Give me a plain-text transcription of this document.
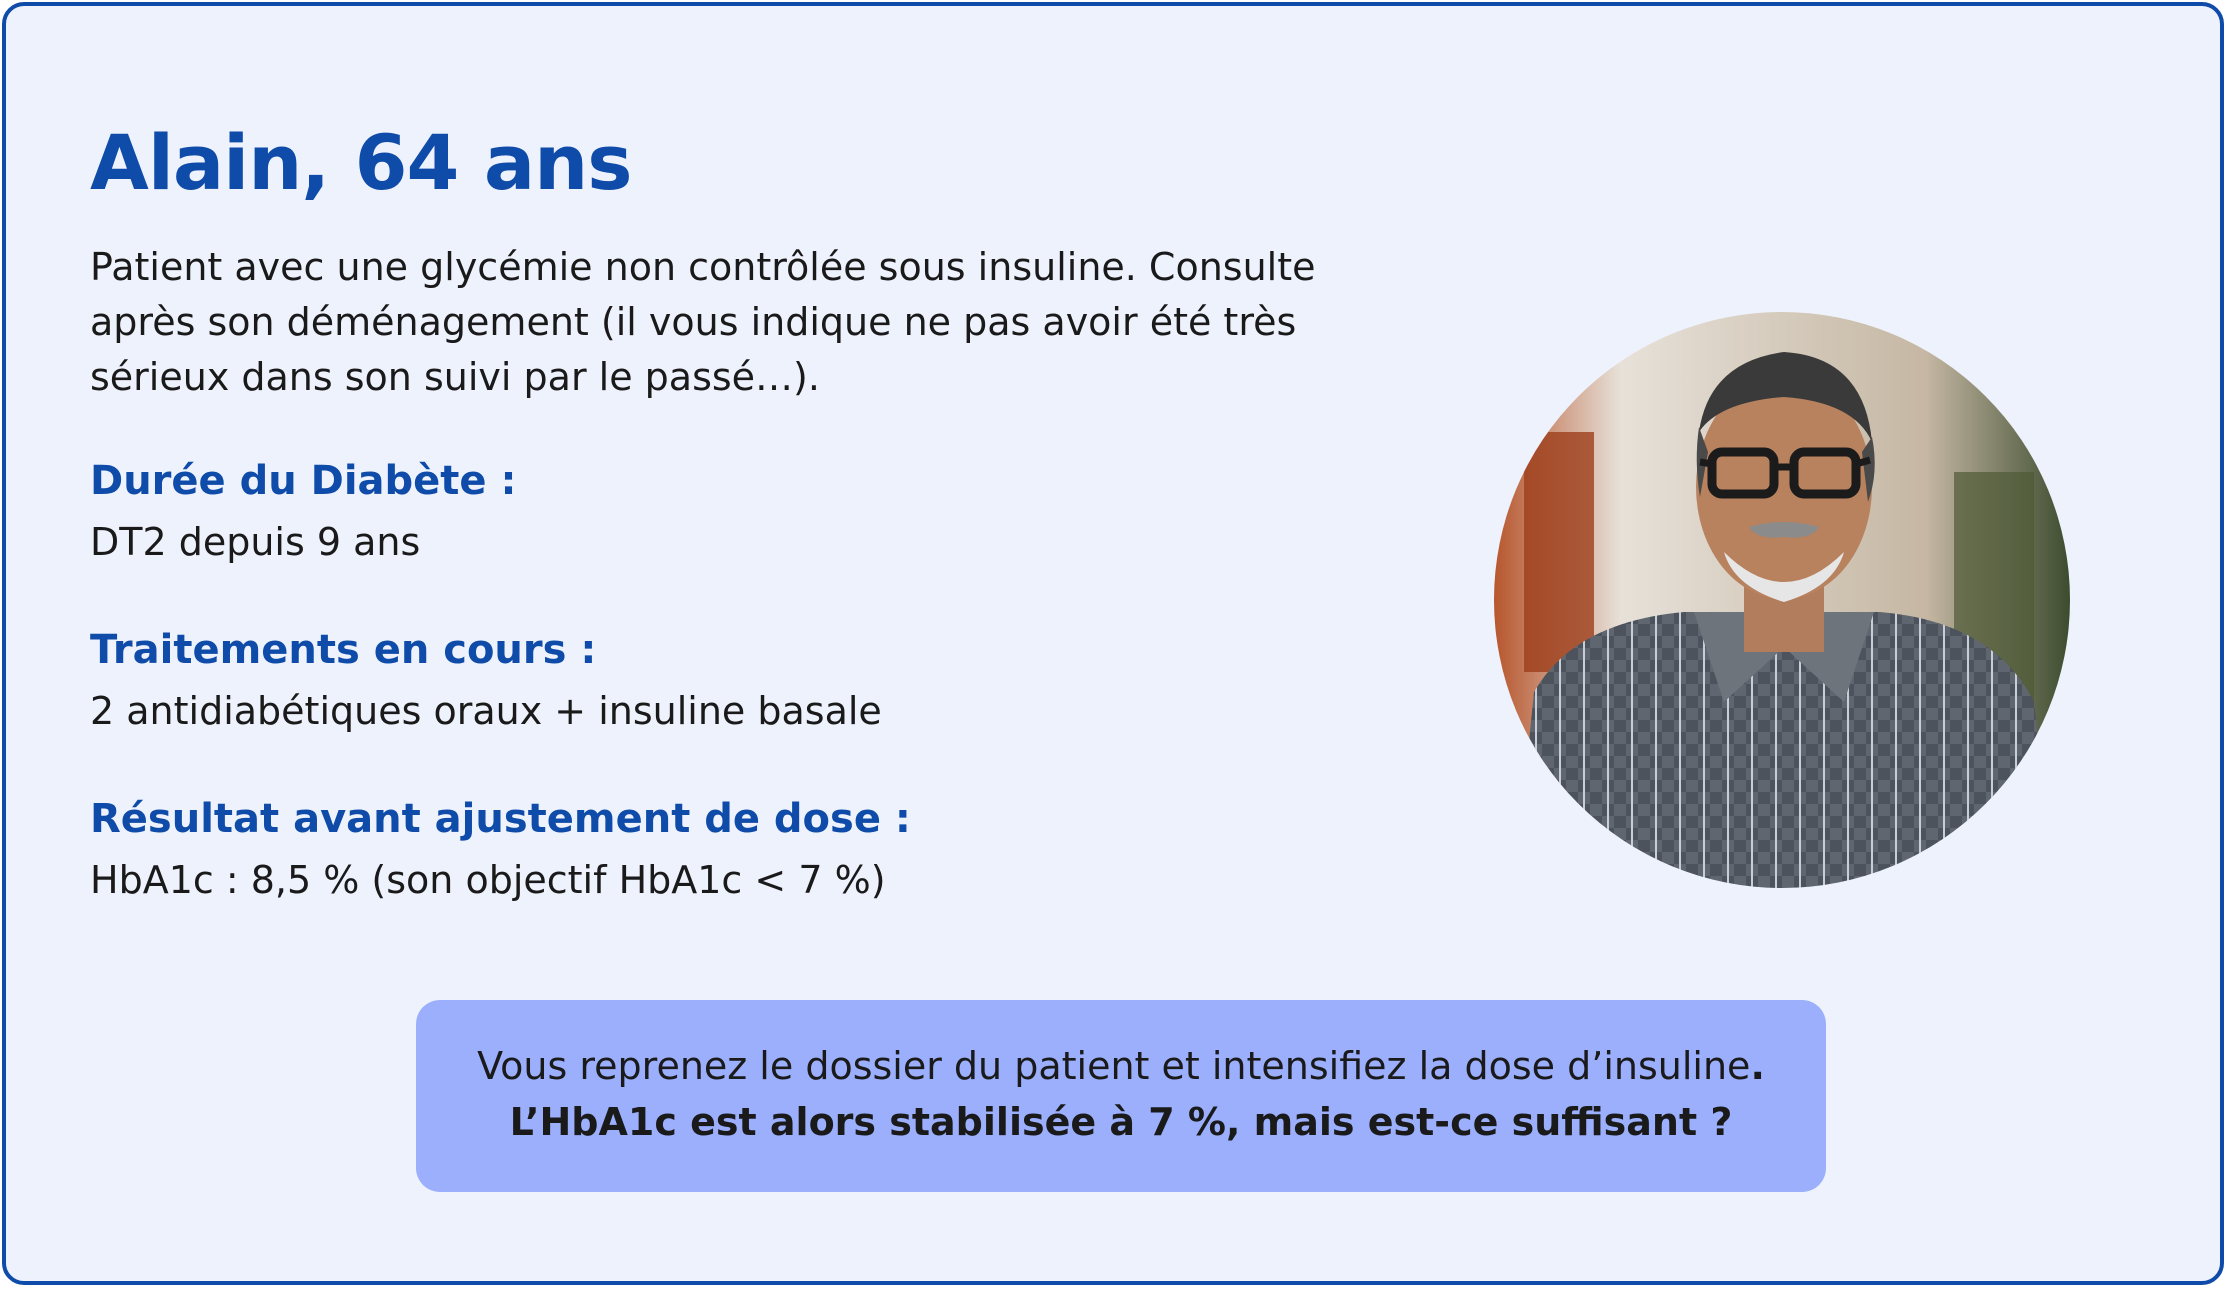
Alain, 64 ans

Patient avec une glycémie non contrôlée sous insuline. Consulte
après son déménagement (il vous indique ne pas avoir été très
sérieux dans son suivi par le passé…).

Durée du Diabète :

DT2 depuis 9 ans

Traitements en cours :

2 antidiabétiques oraux + insuline basale

Résultat avant ajustement de dose :

HbA1c : 8,5 % (son objectif HbA1c < 7 %)

Vous reprenez le dossier du patient et intensifiez la dose d’insuline.
L’HbA1c est alors stabilisée à 7 %, mais est-ce suffisant ?
